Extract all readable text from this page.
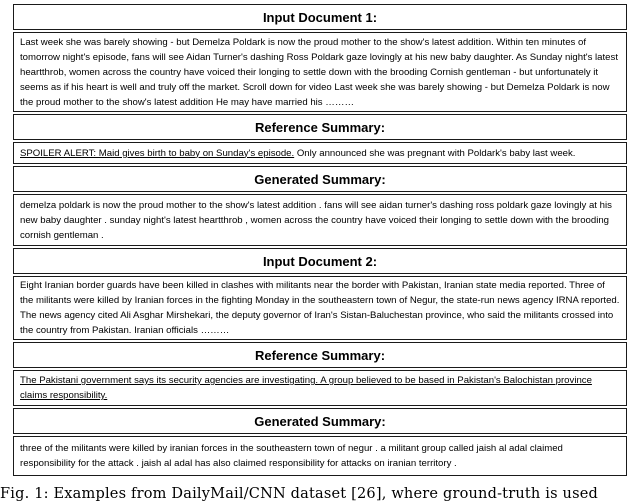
Input Document 1:
Last week she was barely showing - but Demelza Poldark is now the proud mother to the show's latest addition. Within ten minutes of tomorrow night's episode, fans will see Aidan Turner's dashing Ross Poldark gaze lovingly at his new baby daughter. As Sunday night's latest heartthrob, women across the country have voiced their longing to settle down with the brooding Cornish gentleman - but unfortunately it seems as if his heart is well and truly off the market. Scroll down for video Last week she was barely showing - but Demelza Poldark is now the proud mother to the show's latest addition He may have married his ………
Reference Summary:
SPOILER ALERT: Maid gives birth to baby on Sunday's episode. Only announced she was pregnant with Poldark's baby last week.
Generated Summary:
demelza poldark is now the proud mother to the show's latest addition . fans will see aidan turner's dashing ross poldark gaze lovingly at his new baby daughter . sunday night's latest heartthrob , women across the country have voiced their longing to settle down with the brooding cornish gentleman .
Input Document 2:
Eight Iranian border guards have been killed in clashes with militants near the border with Pakistan, Iranian state media reported. Three of the militants were killed by Iranian forces in the fighting Monday in the southeastern town of Negur, the state-run news agency IRNA reported. The news agency cited Ali Asghar Mirshekari, the deputy governor of Iran's Sistan-Baluchestan province, who said the militants crossed into the country from Pakistan. Iranian officials ………
Reference Summary:
The Pakistani government says its security agencies are investigating. A group believed to be based in Pakistan's Balochistan province claims responsibility.
Generated Summary:
three of the militants were killed by iranian forces in the southeastern town of negur . a militant group called jaish al adal claimed responsibility for the attack . jaish al adal has also claimed responsibility for attacks on iranian territory .
Fig. 1: Examples from DailyMail/CNN dataset [26], where ground-truth is used
